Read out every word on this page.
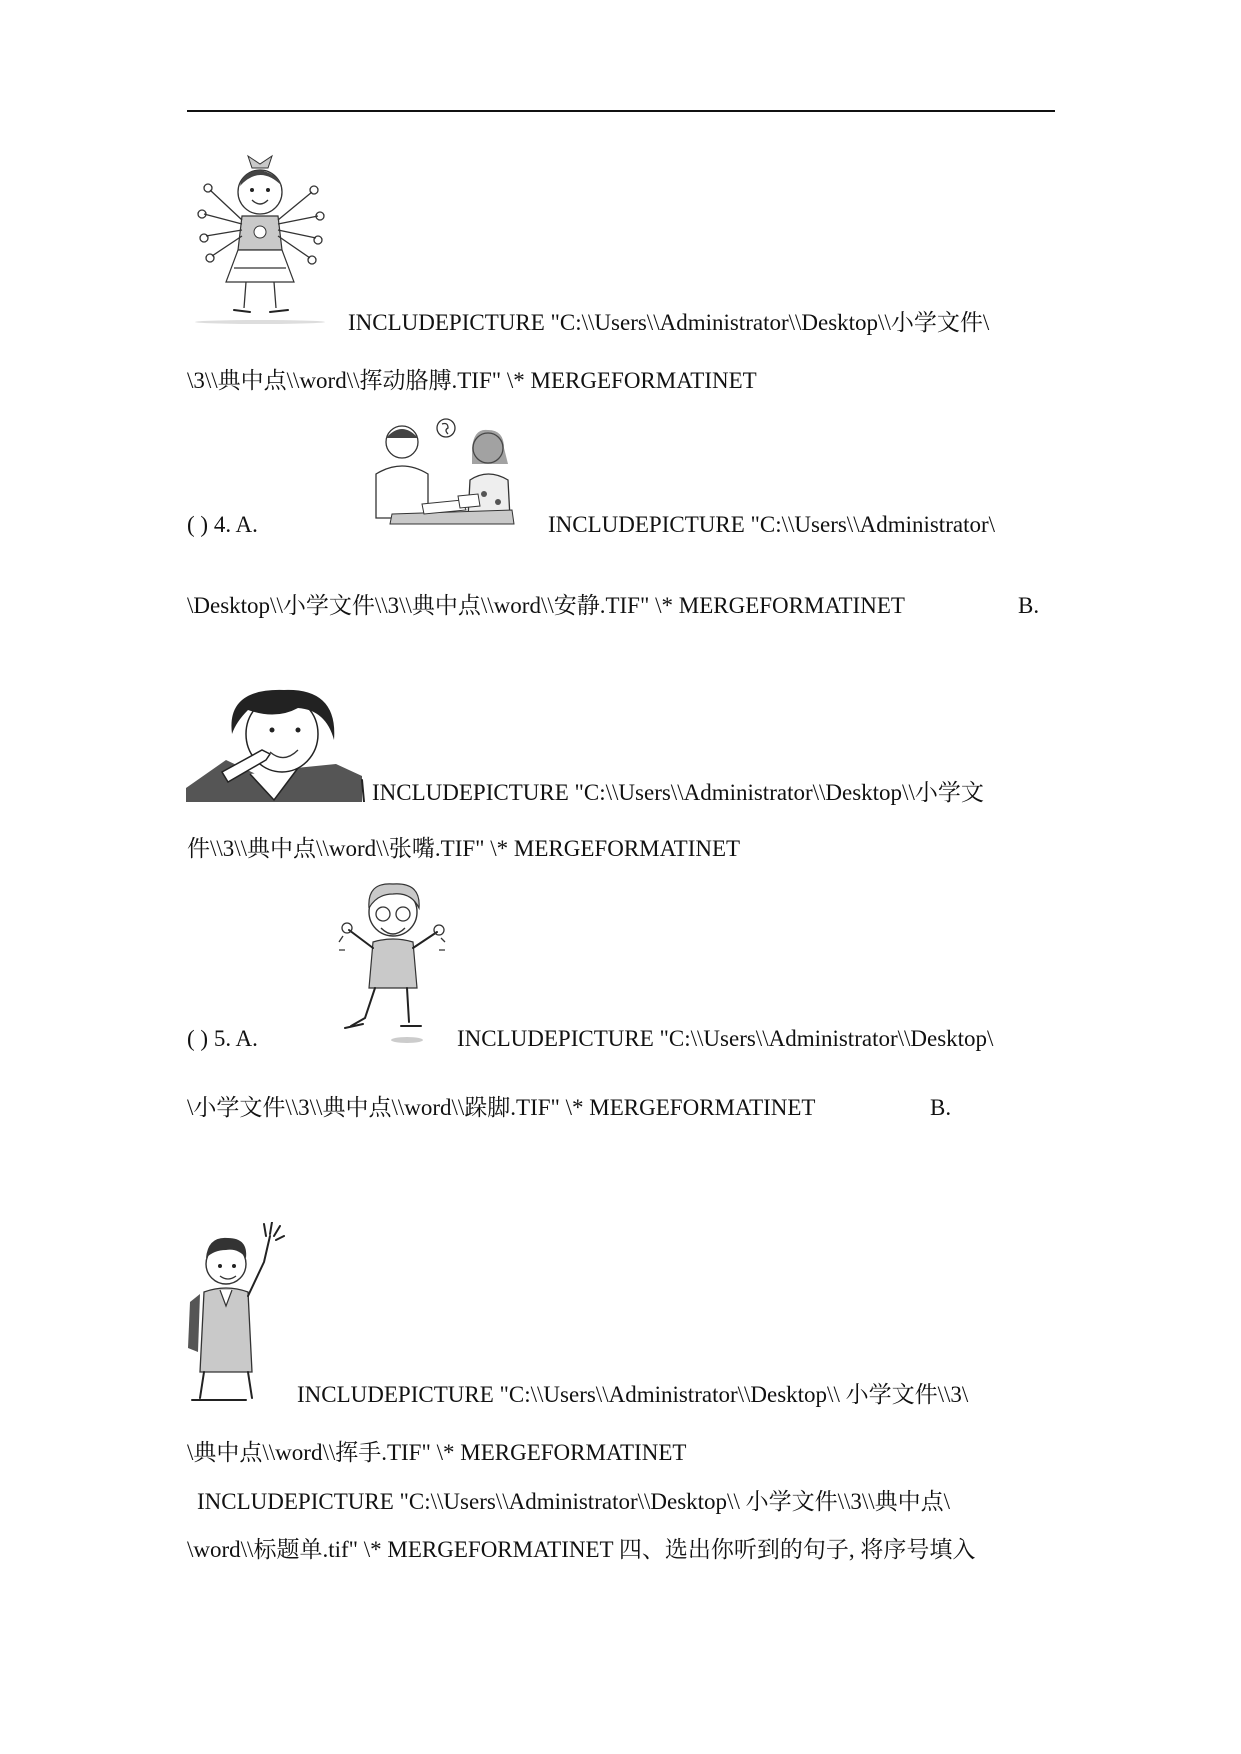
INCLUDEPICTURE "C:\\Users\\Administrator\\Desktop\\小学文件\
\3\\典中点\\word\\挥动胳膊.TIF" \* MERGEFORMATINET
( ) 4. A.	INCLUDEPICTURE "C:\\Users\\Administrator\
\Desktop\\小学文件\\3\\典中点\\word\\安静.TIF" \* MERGEFORMATINET	B.
INCLUDEPICTURE "C:\\Users\\Administrator\\Desktop\\小学文
件\\3\\典中点\\word\\张嘴.TIF" \* MERGEFORMATINET
( ) 5. A.	INCLUDEPICTURE "C:\\Users\\Administrator\\Desktop\
\小学文件\\3\\典中点\\word\\跺脚.TIF" \* MERGEFORMATINET	B.
INCLUDEPICTURE "C:\\Users\\Administrator\\Desktop\\ 小学文件\\3\
\典中点\\word\\挥手.TIF" \* MERGEFORMATINET
INCLUDEPICTURE "C:\\Users\\Administrator\\Desktop\\ 小学文件\\3\\典中点\
\word\\标题单.tif" \* MERGEFORMATINET 四、选出你听到的句子, 将序号填入
